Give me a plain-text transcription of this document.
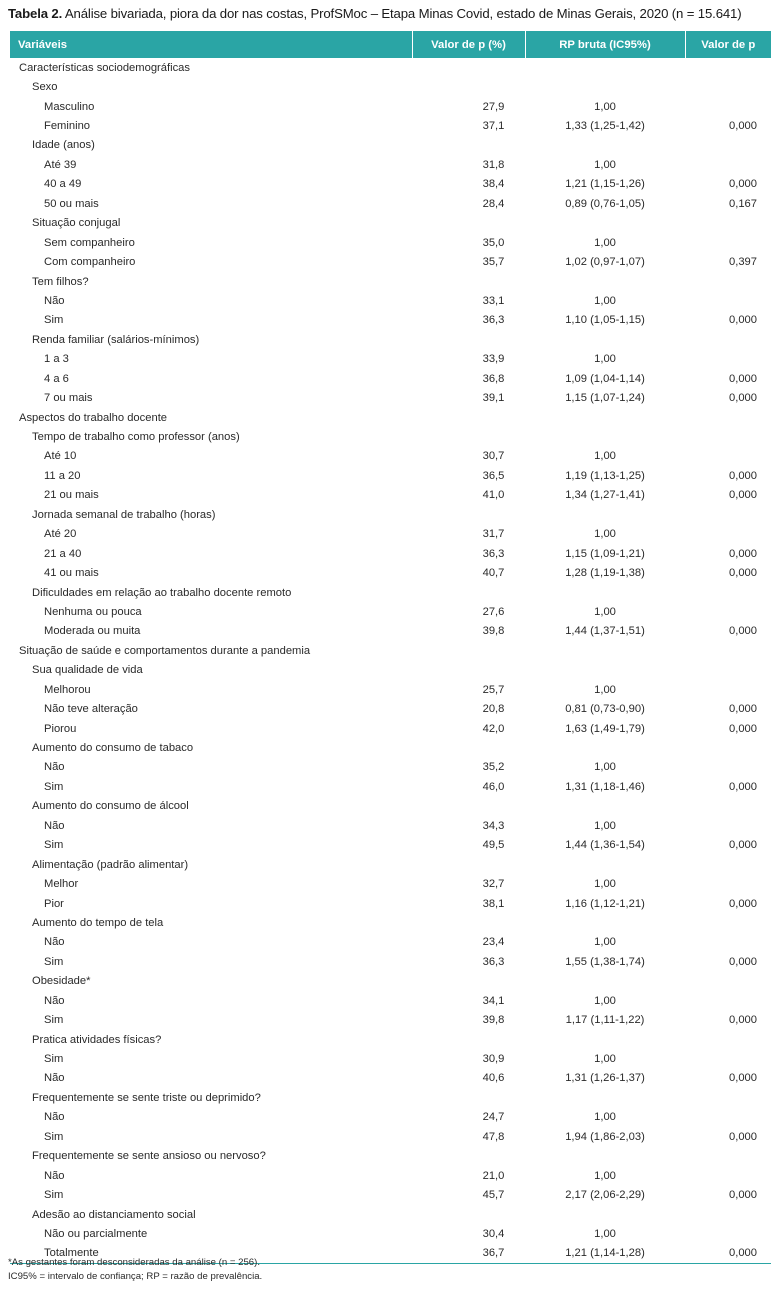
Tabela 2. Análise bivariada, piora da dor nas costas, ProfSMoc – Etapa Minas Covid, estado de Minas Gerais, 2020 (n = 15.641)
Variáveis	Valor de p (%)	RP bruta (IC95%)	Valor de p
Características sociodemográficas			
Sexo			
Masculino	27,9	1,00	
Feminino	37,1	1,33 (1,25-1,42)	0,000
Idade (anos)			
Até 39	31,8	1,00	
40 a 49	38,4	1,21 (1,15-1,26)	0,000
50 ou mais	28,4	0,89 (0,76-1,05)	0,167
Situação conjugal			
Sem companheiro	35,0	1,00	
Com companheiro	35,7	1,02 (0,97-1,07)	0,397
Tem filhos?			
Não	33,1	1,00	
Sim	36,3	1,10 (1,05-1,15)	0,000
Renda familiar (salários-mínimos)			
1 a 3	33,9	1,00	
4 a 6	36,8	1,09 (1,04-1,14)	0,000
7 ou mais	39,1	1,15 (1,07-1,24)	0,000
Aspectos do trabalho docente			
Tempo de trabalho como professor (anos)			
Até 10	30,7	1,00	
11 a 20	36,5	1,19 (1,13-1,25)	0,000
21 ou mais	41,0	1,34 (1,27-1,41)	0,000
Jornada semanal de trabalho (horas)			
Até 20	31,7	1,00	
21 a 40	36,3	1,15 (1,09-1,21)	0,000
41 ou mais	40,7	1,28 (1,19-1,38)	0,000
Dificuldades em relação ao trabalho docente remoto			
Nenhuma ou pouca	27,6	1,00	
Moderada ou muita	39,8	1,44 (1,37-1,51)	0,000
Situação de saúde e comportamentos durante a pandemia			
Sua qualidade de vida			
Melhorou	25,7	1,00	
Não teve alteração	20,8	0,81 (0,73-0,90)	0,000
Piorou	42,0	1,63 (1,49-1,79)	0,000
Aumento do consumo de tabaco			
Não	35,2	1,00	
Sim	46,0	1,31 (1,18-1,46)	0,000
Aumento do consumo de álcool			
Não	34,3	1,00	
Sim	49,5	1,44 (1,36-1,54)	0,000
Alimentação (padrão alimentar)			
Melhor	32,7	1,00	
Pior	38,1	1,16 (1,12-1,21)	0,000
Aumento do tempo de tela			
Não	23,4	1,00	
Sim	36,3	1,55 (1,38-1,74)	0,000
Obesidade*			
Não	34,1	1,00	
Sim	39,8	1,17 (1,11-1,22)	0,000
Pratica atividades físicas?			
Sim	30,9	1,00	
Não	40,6	1,31 (1,26-1,37)	0,000
Frequentemente se sente triste ou deprimido?			
Não	24,7	1,00	
Sim	47,8	1,94 (1,86-2,03)	0,000
Frequentemente se sente ansioso ou nervoso?			
Não	21,0	1,00	
Sim	45,7	2,17 (2,06-2,29)	0,000
Adesão ao distanciamento social			
Não ou parcialmente	30,4	1,00	
Totalmente	36,7	1,21 (1,14-1,28)	0,000
*As gestantes foram desconsideradas da análise (n = 256).
IC95% = intervalo de confiança; RP = razão de prevalência.
